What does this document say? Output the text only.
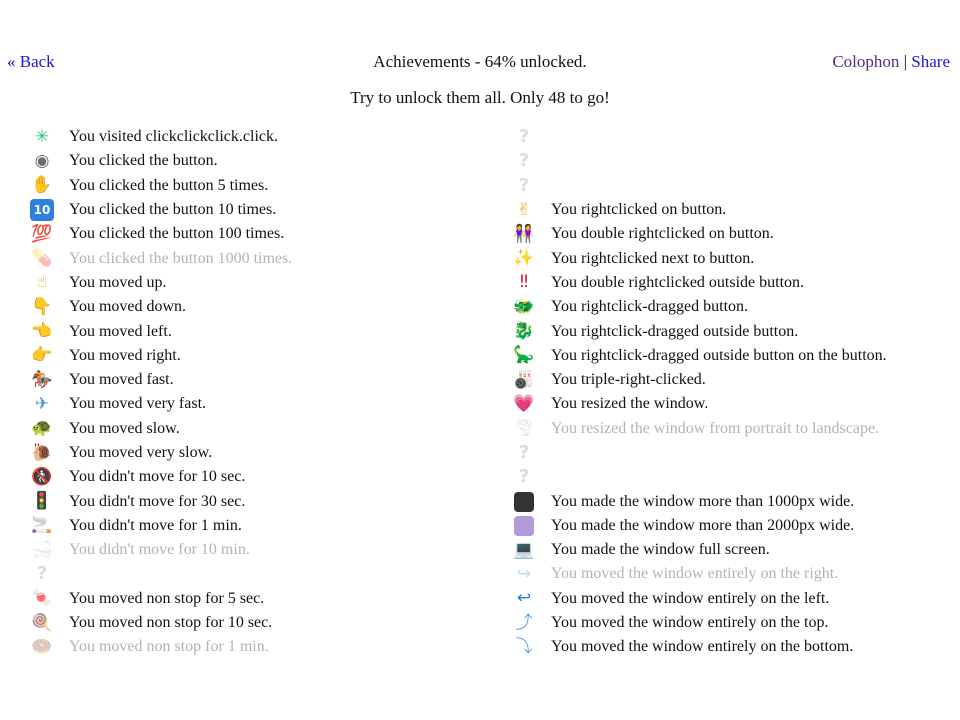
« Back	Achievements - 64% unlocked.	Colophon | Share
Try to unlock them all. Only 48 to go!
✳	You visited clickclickclick.click.
◉ You clicked the button.
✋ You clicked the button 5 times.
10 You clicked the button 10 times.
💯 You clicked the button 100 times.
💊 You clicked the button 1000 times.
☝	You moved up.
👇 You moved down.
👈 You moved left.
👉 You moved right.
🏇 You moved fast.
✈	You moved very fast.
🐢 You moved slow.
🐌 You moved very slow.
🚷 You didn't move for 10 sec.
🚦 You didn't move for 30 sec.
🚬 You didn't move for 1 min.
🛁 You didn't move for 10 min.
?
🍬 You moved non stop for 5 sec.
🍭 You moved non stop for 10 sec.
🍩 You moved non stop for 1 min.
?
?
?
✌	You rightclicked on button.
👭 You double rightclicked on button.
✨ You rightclicked next to button.
‼	You double rightclicked outside button.
🐲 You rightclick-dragged button.
🐉 You rightclick-dragged outside button.
🦕 You rightclick-dragged outside button on the button.
🎳 You triple-right-clicked.
💗 You resized the window.
🌪 You resized the window from portrait to landscape.
?
?
You made the window more than 1000px wide.
You made the window more than 2000px wide.
💻 You made the window full screen.
↪	You moved the window entirely on the right.
↩	You moved the window entirely on the left.
⤴ You moved the window entirely on the top.
⤵ You moved the window entirely on the bottom.
